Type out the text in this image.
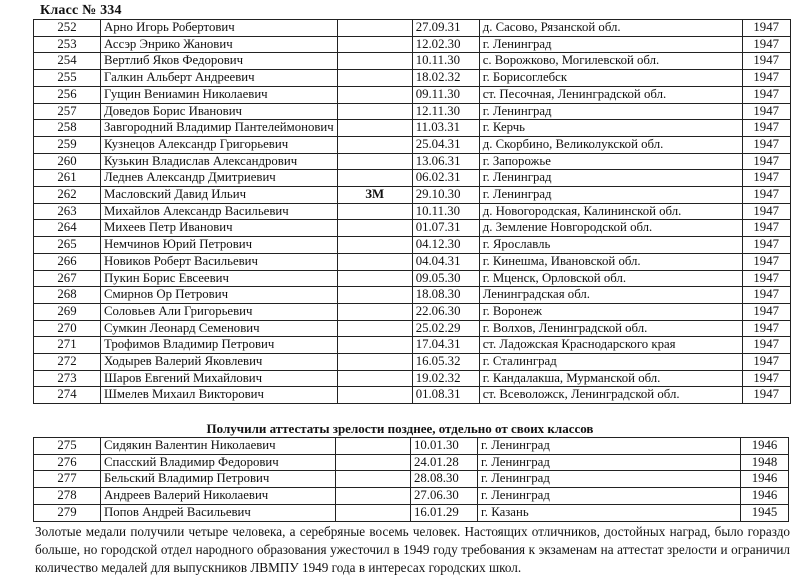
Класс № 334
252	Арно Игорь Робертович		27.09.31	д. Сасово, Рязанской обл.	1947
253	Ассэр Энрико Жанович		12.02.30	г. Ленинград	1947
254	Вертлиб Яков Федорович		10.11.30	с. Ворожково, Могилевской обл.	1947
255	Галкин Альберт Андреевич		18.02.32	г. Борисоглебск	1947
256	Гущин Вениамин Николаевич		09.11.30	ст. Песочная, Ленинградской обл.	1947
257	Доведов Борис Иванович		12.11.30	г. Ленинград	1947
258	Завгородний Владимир Пантелеймонович		11.03.31	г. Керчь	1947
259	Кузнецов Александр Григорьевич		25.04.31	д. Скорбино, Великолукской обл.	1947
260	Кузькин Владислав Александрович		13.06.31	г. Запорожье	1947
261	Леднев Александр Дмитриевич		06.02.31	г. Ленинград	1947
262	Масловский Давид Ильич	ЗМ	29.10.30	г. Ленинград	1947
263	Михайлов Александр Васильевич		10.11.30	д. Новогородская, Калининской обл.	1947
264	Михеев Петр Иванович		01.07.31	д. Земление Новгородской обл.	1947
265	Немчинов Юрий Петрович		04.12.30	г. Ярославль	1947
266	Новиков Роберт Васильевич		04.04.31	г. Кинешма, Ивановской обл.	1947
267	Пукин Борис Евсеевич		09.05.30	г. Мценск, Орловской обл.	1947
268	Смирнов Ор Петрович		18.08.30	Ленинградская обл.	1947
269	Соловьев Али Григорьевич		22.06.30	г. Воронеж	1947
270	Сумкин Леонард Семенович		25.02.29	г. Волхов, Ленинградской обл.	1947
271	Трофимов Владимир Петрович		17.04.31	ст. Ладожская Краснодарского края	1947
272	Ходырев Валерий Яковлевич		16.05.32	г. Сталинград	1947
273	Шаров Евгений Михайлович		19.02.32	г. Кандалакша, Мурманской обл.	1947
274	Шмелев Михаил Викторович		01.08.31	ст. Всеволожск, Ленинградской обл.	1947
Получили аттестаты зрелости позднее, отдельно от своих классов
275	Сидякин Валентин Николаевич		10.01.30	г. Ленинград	1946
276	Спасский Владимир Федорович		24.01.28	г. Ленинград	1948
277	Бельский Владимир Петрович		28.08.30	г. Ленинград	1946
278	Андреев Валерий Николаевич		27.06.30	г. Ленинград	1946
279	Попов Андрей Васильевич		16.01.29	г. Казань	1945
Золотые медали получили четыре человека, а серебряные восемь человек. Настоящих отличников, достойных наград, было гораздо больше, но городской отдел народного образования ужесточил в 1949 году требования к экзаменам на аттестат зрелости и ограничил количество медалей для выпускников ЛВМПУ 1949 года в интересах городских школ.
